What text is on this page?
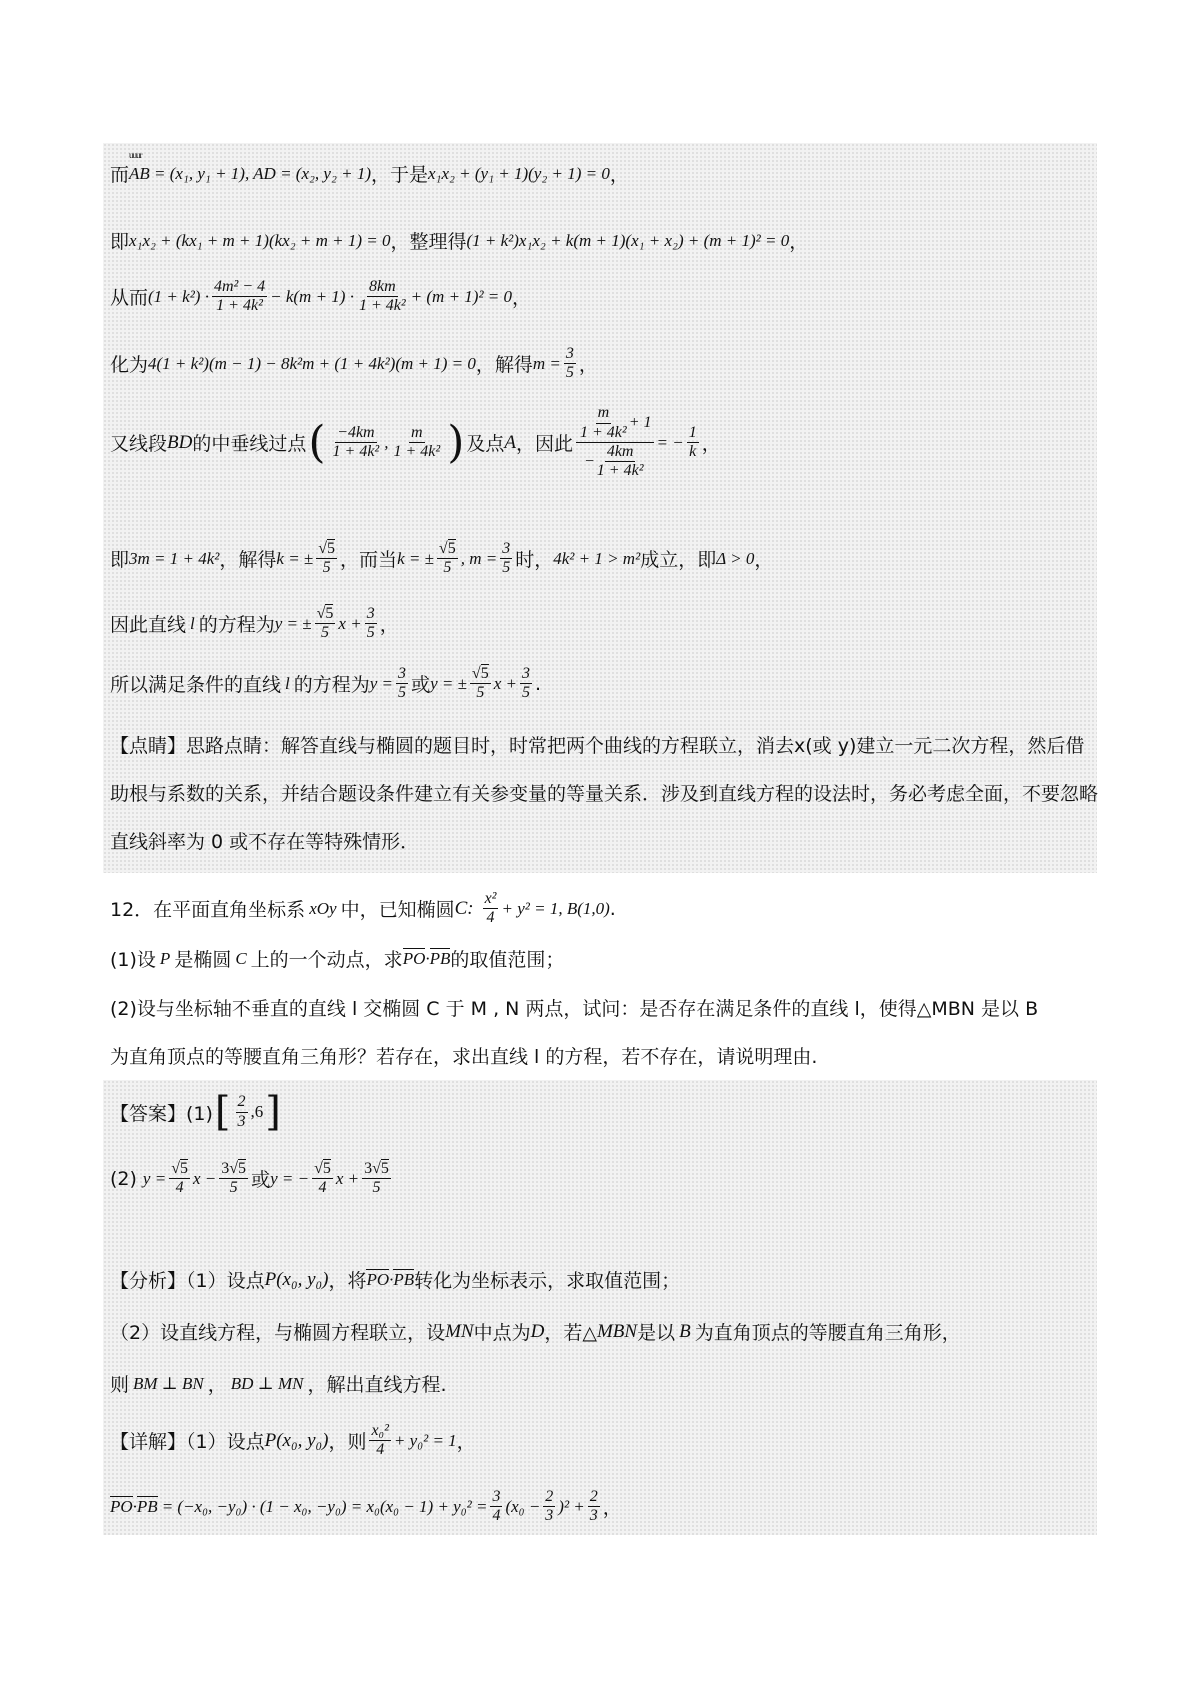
而
uuur
AB = (x₁, y₁ + 1), AD = (x₂, y₂ + 1) ，于是 x₁x₂ + (y₁ + 1)(y₂ + 1) = 0 ，
即 x₁x₂ + (kx₁ + m + 1)(kx₂ + m + 1) = 0 ，整理得 (1 + k²)x₁x₂ + k(m + 1)(x₁ + x₂) + (m + 1)² = 0 ，
从而 $(1 + k^2) \cdot \frac{\text{4m² − 4}}{\text{1 + 4k²}} - k(m + 1) \cdot \frac{8km}{\text{1 + 4k²}} + (m + 1)^2 = 0$ ，
化为 4(1 + k²)(m − 1) − 8k²m + (1 + 4k²)(m + 1) = 0 ，解得 $m = \frac{3}{5}$ ，
又线段 BD 的中垂线过点 ( $\frac{-4km}{\text{1 + 4k²}}$ , $\frac{m}{\text{1 + 4k²}}$ ) 及点 A ，因此 $\frac{\frac{m}{\text{1 + 4k²}} + 1}{- \frac{4km}{\text{1 + 4k²}}}$ = − $\frac{1}{k}$ ，
即 3m = 1 + 4k² ，解得 k = ± $\frac{√5}{5}$ ，而当 k = ± $\frac{√5}{5}$ , $m = \frac{3}{5}$ 时， 4k² + 1 > m² 成立，即 Δ > 0 ，
因此直线 l 的方程为 y = ± $\frac{√5}{5}$ $x + \frac{3}{5}$ ，
所以满足条件的直线 l 的方程为 $y = \frac{3}{5}$ 或 y = ± $\frac{√5}{5}$ $x + \frac{3}{5}$ .
【点睛】思路点睛：解答直线与椭圆的题目时，时常把两个曲线的方程联立，消去x(或 y)建立一元二次方程，然后借助根与系数的关系，并结合题设条件建立有关参变量的等量关系．涉及到直线方程的设法时，务必考虑全面，不要忽略直线斜率为 0 或不存在等特殊情形．
12．在平面直角坐标系 xOy 中，已知椭圆 C: $\frac{\text{x²}}{4} + y^2 = 1$, B(1,0) .
(1)设 P 是椭圆 C 上的一个动点，求 PO · PB 的取值范围；
(2)设与坐标轴不垂直的直线 l 交椭圆 C 于 M , N 两点，试问：是否存在满足条件的直线 l，使得△MBN 是以 B
为直角顶点的等腰直角三角形？若存在，求出直线 l 的方程，若不存在，请说明理由.
【答案】(1) [ $\frac{2}{3} ,6$ ]
(2) $y = \frac{√5}{4}$ $x - \frac{3√5}{5}$ 或 y = − $\frac{√5}{4}$ $x + \frac{3√5}{5}$
【分析】（1）设点 P(x₀, y₀) ，将 PO · PB 转化为坐标表示，求取值范围；
（2）设直线方程，与椭圆方程联立，设 MN 中点为 D ，若△ MBN 是以 B 为直角顶点的等腰直角三角形，
则 BM ⊥ BN ， BD ⊥ MN ，解出直线方程.
【详解】（1）设点 P(x₀, y₀) ，则 $\frac{\text{x₀²}}{4} + y_0^2 = 1$ ，
PO · PB = (−x₀, −y₀) · (1 − x₀, $-y_0) = x_0(x_0 - 1) + y_0^2 = \frac{3}{4} (x_0 - \frac{2}{3} )^2 + \frac{2}{3}$ ，
